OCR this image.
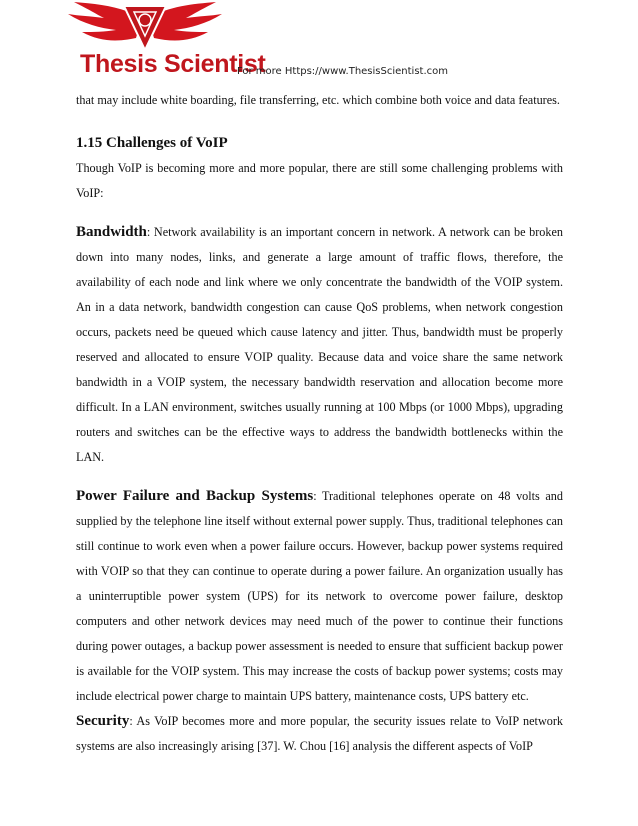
Thesis Scientist
For more Https://www.ThesisScientist.com

that may include white boarding, file transferring, etc. which combine both voice and data features.

1.15 Challenges of VoIP

Though VoIP is becoming more and more popular, there are still some challenging problems with VoIP:

Bandwidth: Network availability is an important concern in network. A network can be broken down into many nodes, links, and generate a large amount of traffic flows, therefore, the availability of each node and link where we only concentrate the bandwidth of the VOIP system. An in a data network, bandwidth congestion can cause QoS problems, when network congestion occurs, packets need be queued which cause latency and jitter. Thus, bandwidth must be properly reserved and allocated to ensure VOIP quality. Because data and voice share the same network bandwidth in a VOIP system, the necessary bandwidth reservation and allocation become more difficult. In a LAN environment, switches usually running at 100 Mbps (or 1000 Mbps), upgrading routers and switches can be the effective ways to address the bandwidth bottlenecks within the LAN.

Power Failure and Backup Systems: Traditional telephones operate on 48 volts and supplied by the telephone line itself without external power supply. Thus, traditional telephones can still continue to work even when a power failure occurs. However, backup power systems required with VOIP so that they can continue to operate during a power failure. An organization usually has a uninterruptible power system (UPS) for its network to overcome power failure, desktop computers and other network devices may need much of the power to continue their functions during power outages, a backup power assessment is needed to ensure that sufficient backup power is available for the VOIP system. This may increase the costs of backup power systems; costs may include electrical power charge to maintain UPS battery, maintenance costs, UPS battery etc.

Security: As VoIP becomes more and more popular, the security issues relate to VoIP network systems are also increasingly arising [37]. W. Chou [16] analysis the different aspects of VoIP
